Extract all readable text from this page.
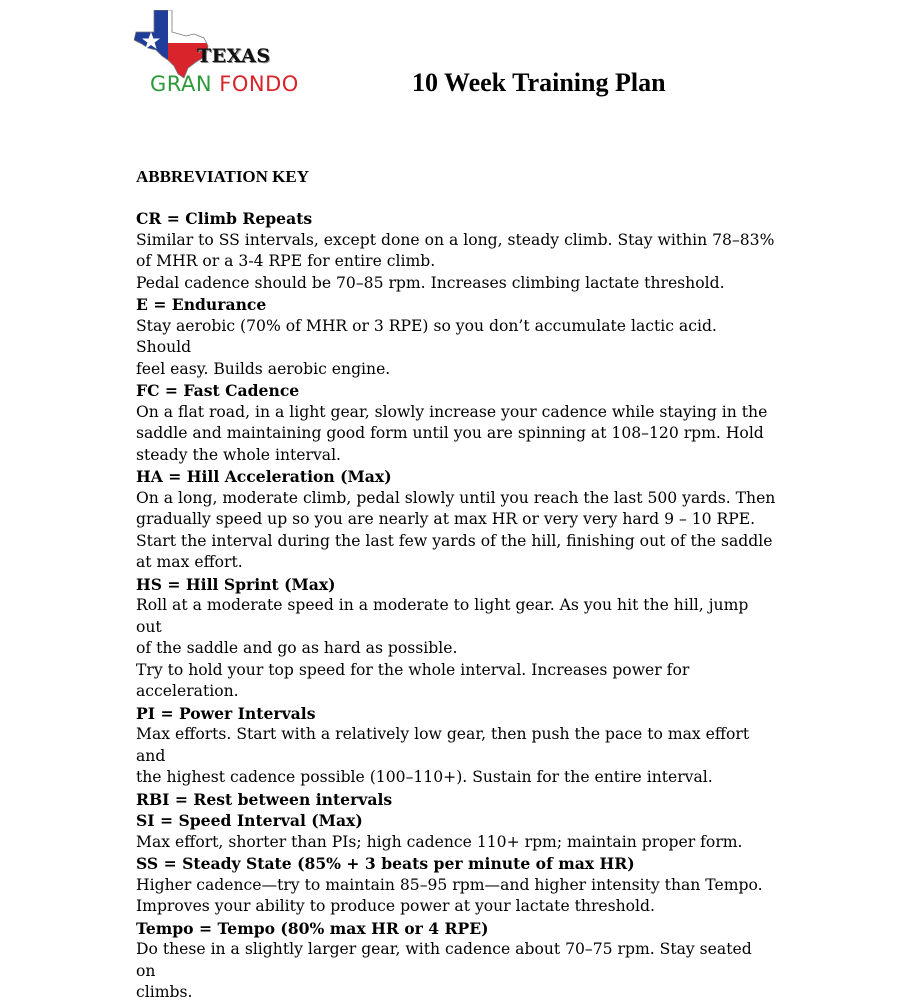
TEXAS
GRAN FONDO	10 Week Training Plan
ABBREVIATION KEY

CR = Climb Repeats

Similar to SS intervals, except done on a long, steady climb. Stay within 78–83%

of MHR or a 3-4 RPE for entire climb.

Pedal cadence should be 70–85 rpm. Increases climbing lactate threshold.

E = Endurance

Stay aerobic (70% of MHR or 3 RPE) so you don’t accumulate lactic acid. Should

feel easy. Builds aerobic engine.

FC = Fast Cadence

On a flat road, in a light gear, slowly increase your cadence while staying in the

saddle and maintaining good form until you are spinning at 108–120 rpm. Hold

steady the whole interval.

HA = Hill Acceleration (Max)

On a long, moderate climb, pedal slowly until you reach the last 500 yards. Then

gradually speed up so you are nearly at max HR or very very hard 9 – 10 RPE.

Start the interval during the last few yards of the hill, finishing out of the saddle

at max effort.

HS = Hill Sprint (Max)

Roll at a moderate speed in a moderate to light gear. As you hit the hill, jump out

of the saddle and go as hard as possible.

Try to hold your top speed for the whole interval. Increases power for

acceleration.

PI = Power Intervals

Max efforts. Start with a relatively low gear, then push the pace to max effort and

the highest cadence possible (100–110+). Sustain for the entire interval.

RBI = Rest between intervals

SI = Speed Interval (Max)

Max effort, shorter than PIs; high cadence 110+ rpm; maintain proper form.

SS = Steady State (85% + 3 beats per minute of max HR)

Higher cadence—try to maintain 85–95 rpm—and higher intensity than Tempo.

Improves your ability to produce power at your lactate threshold.

Tempo = Tempo (80% max HR or 4 RPE)

Do these in a slightly larger gear, with cadence about 70–75 rpm. Stay seated on

climbs.
